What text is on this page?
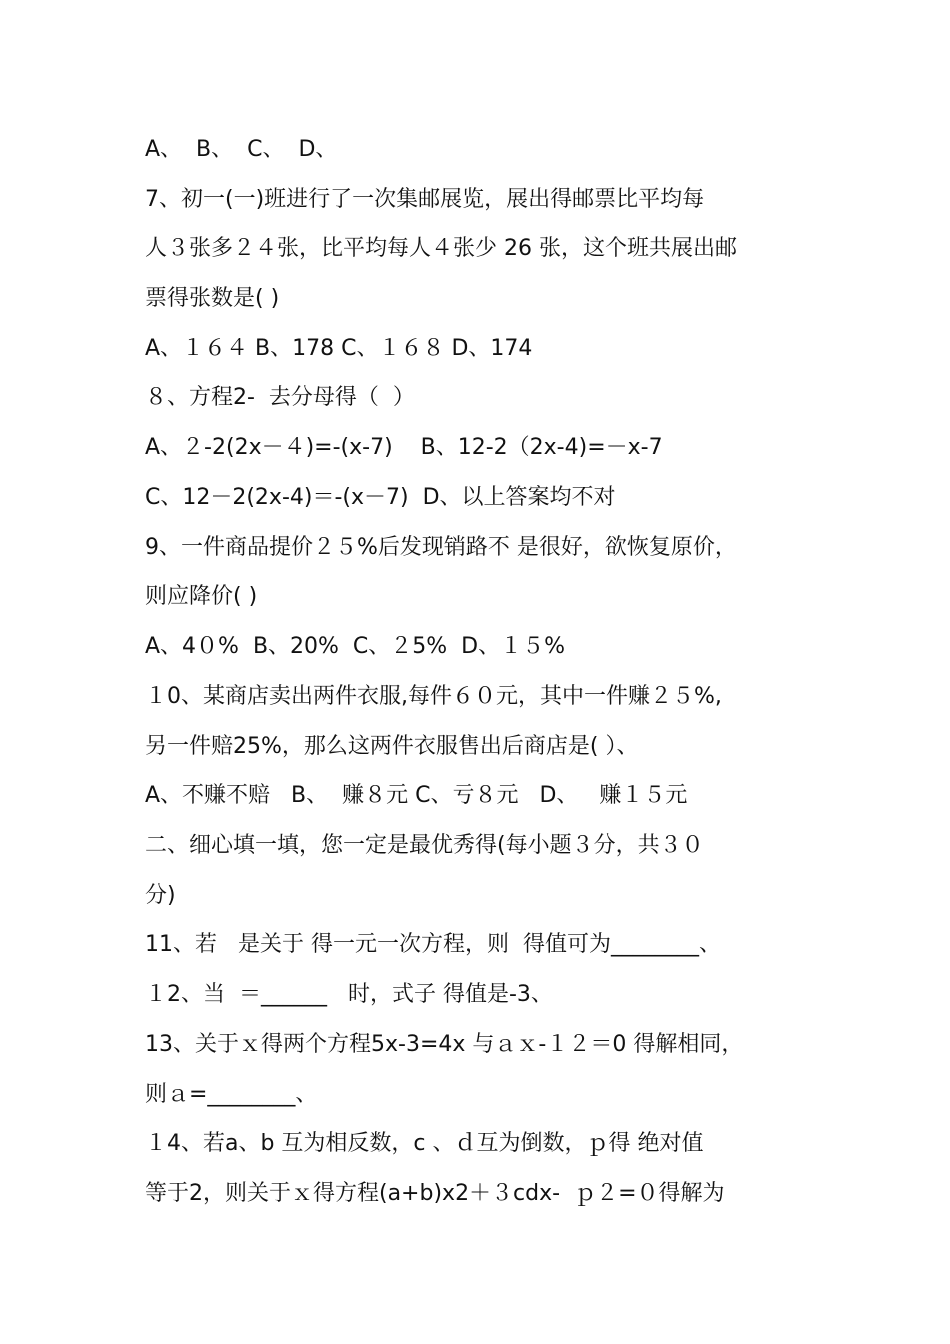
A、  B、  C、  D、
7、初一(一)班进行了一次集邮展览，展出得邮票比平均每
人３张多２４张，比平均每人４张少 26 张，这个班共展出邮
票得张数是( )
A、１６４ B、178 C、１６８ D、174
８、方程2-  去分母得（  ）
A、２-2(2x－４)=-(x-7)    B、12-2（2x-4)=－x-7
C、12－2(2x-4)＝-(x－7)  D、以上答案均不对
9、一件商品提价２５%后发现销路不 是很好，欲恢复原价，
则应降价( )
A、4０%  B、20%  C、２5%  D、１５%
１0、某商店卖出两件衣服,每件６０元，其中一件赚２５%,
另一件赔25%，那么这两件衣服售出后商店是( ）、
A、不赚不赔   B、  赚８元 C、亏８元   D、   赚１５元
二、细心填一填，您一定是最优秀得(每小题３分，共３０
分)
11、若   是关于 得一元一次方程，则  得值可为________、
１2、当  ＝______   时，式子 得值是-3、
13、关于ｘ得两个方程5x-3=4x 与ａｘ-１２＝0 得解相同，
则ａ=________、
１4、若a、b 互为相反数，c 、ｄ互为倒数，ｐ得 绝对值
等于2，则关于ｘ得方程(a+b)x2＋３cdx-  ｐ２=０得解为
